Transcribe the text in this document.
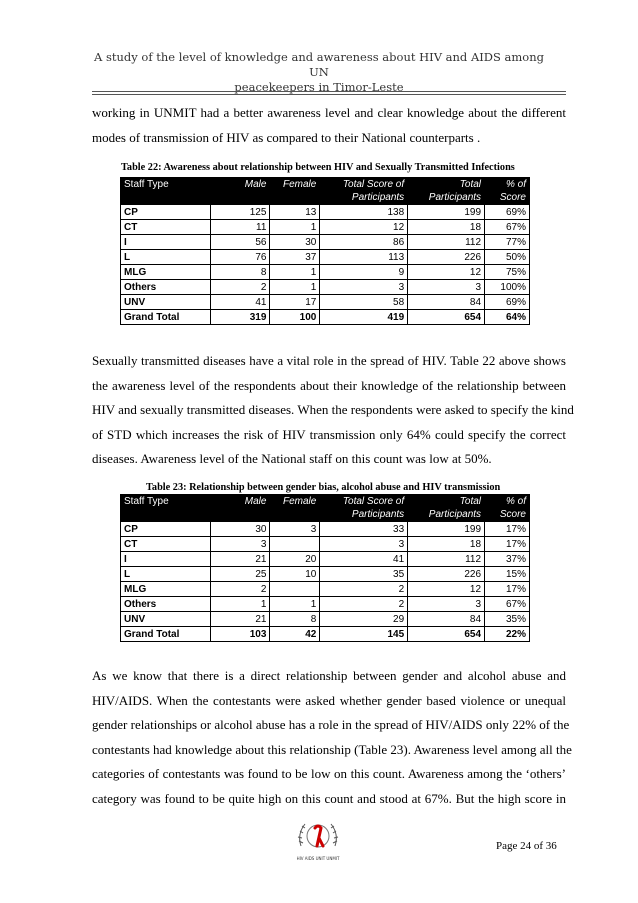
A study of the level of knowledge and awareness about HIV and AIDS among UN
peacekeepers in Timor-Leste
working in UNMIT had a better awareness level and clear knowledge about the different
modes of transmission of HIV as compared to their National counterparts .
Table 22: Awareness about relationship between HIV and Sexually Transmitted Infections
Staff Type	Male	Female	Total Score of Participants	Total Participants	% of Score
CP	125	13	138	199	69%
CT	11	1	12	18	67%
I	56	30	86	112	77%
L	76	37	113	226	50%
MLG	8	1	9	12	75%
Others	2	1	3	3	100%
UNV	41	17	58	84	69%
Grand Total	319	100	419	654	64%
Sexually transmitted diseases have a vital role in the spread of HIV. Table 22 above shows
the awareness level of the respondents about their knowledge of the relationship between
HIV and sexually transmitted diseases. When the respondents were asked to specify the kind
of STD which increases the risk of HIV transmission only 64% could specify the correct
diseases. Awareness level of the National staff on this count was low at 50%.
Table 23: Relationship between gender bias, alcohol abuse and HIV transmission
Staff Type	Male	Female	Total Score of Participants	Total Participants	% of Score
CP	30	3	33	199	17%
CT	3		3	18	17%
I	21	20	41	112	37%
L	25	10	35	226	15%
MLG	2		2	12	17%
Others	1	1	2	3	67%
UNV	21	8	29	84	35%
Grand Total	103	42	145	654	22%
As we know that there is a direct relationship between gender and alcohol abuse and
HIV/AIDS. When the contestants were asked whether gender based violence or unequal
gender relationships or alcohol abuse has a role in the spread of HIV/AIDS only 22% of the
contestants had knowledge about this relationship (Table 23). Awareness level among all the
categories of contestants was found to be low on this count. Awareness among the ‘others’
category was found to be quite high on this count and stood at 67%. But the high score in
HIV AIDS UNIT UNMIT
Page 24 of 36
